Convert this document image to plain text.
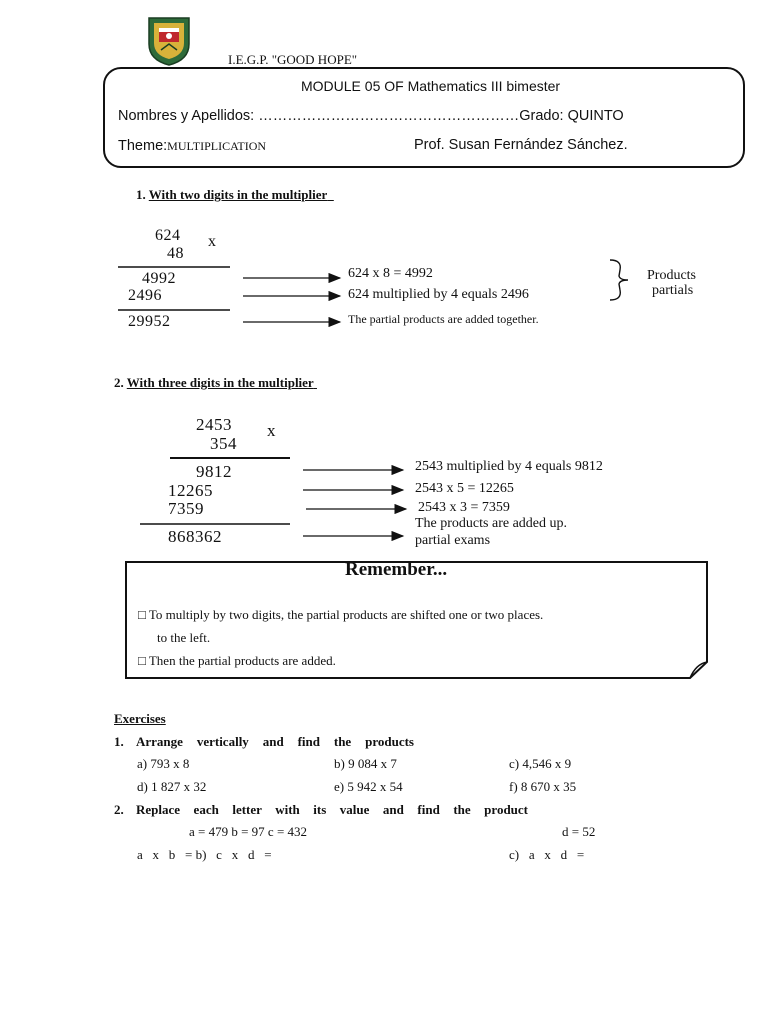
I.E.G.P. "GOOD HOPE"
MODULE 05 OF Mathematics III bimester
Nombres y Apellidos: ………………………………………………Grado: QUINTO
Theme:MULTIPLICATION	Prof. Susan Fernández Sánchez.
1. With two digits in the multiplier
624 x
48
4992
2496
29952
624 x 8 = 4992
624 multiplied by 4 equals 2496
The partial products are added together.
Products
partials
2. With three digits in the multiplier
2453 x
354
9812
12265
7359
868362
2543 multiplied by 4 equals 9812
2543 x 5 = 12265
2543 x 3 = 7359
The products are added up.
partial exams
Remember...
□ To multiply by two digits, the partial products are shifted one or two places.
to the left.
□ Then the partial products are added.
Exercises
1. Arrange vertically and find the products
a) 793 x 8	b) 9 084 x 7	c) 4,546 x 9
d) 1 827 x 32	e) 5 942 x 54	f) 8 670 x 35
2. Replace each letter with its value and find the product
a = 479 b = 97 c = 432	d = 52
a   x   b   = b)   c   x   d   =	c)   a   x   d   =
